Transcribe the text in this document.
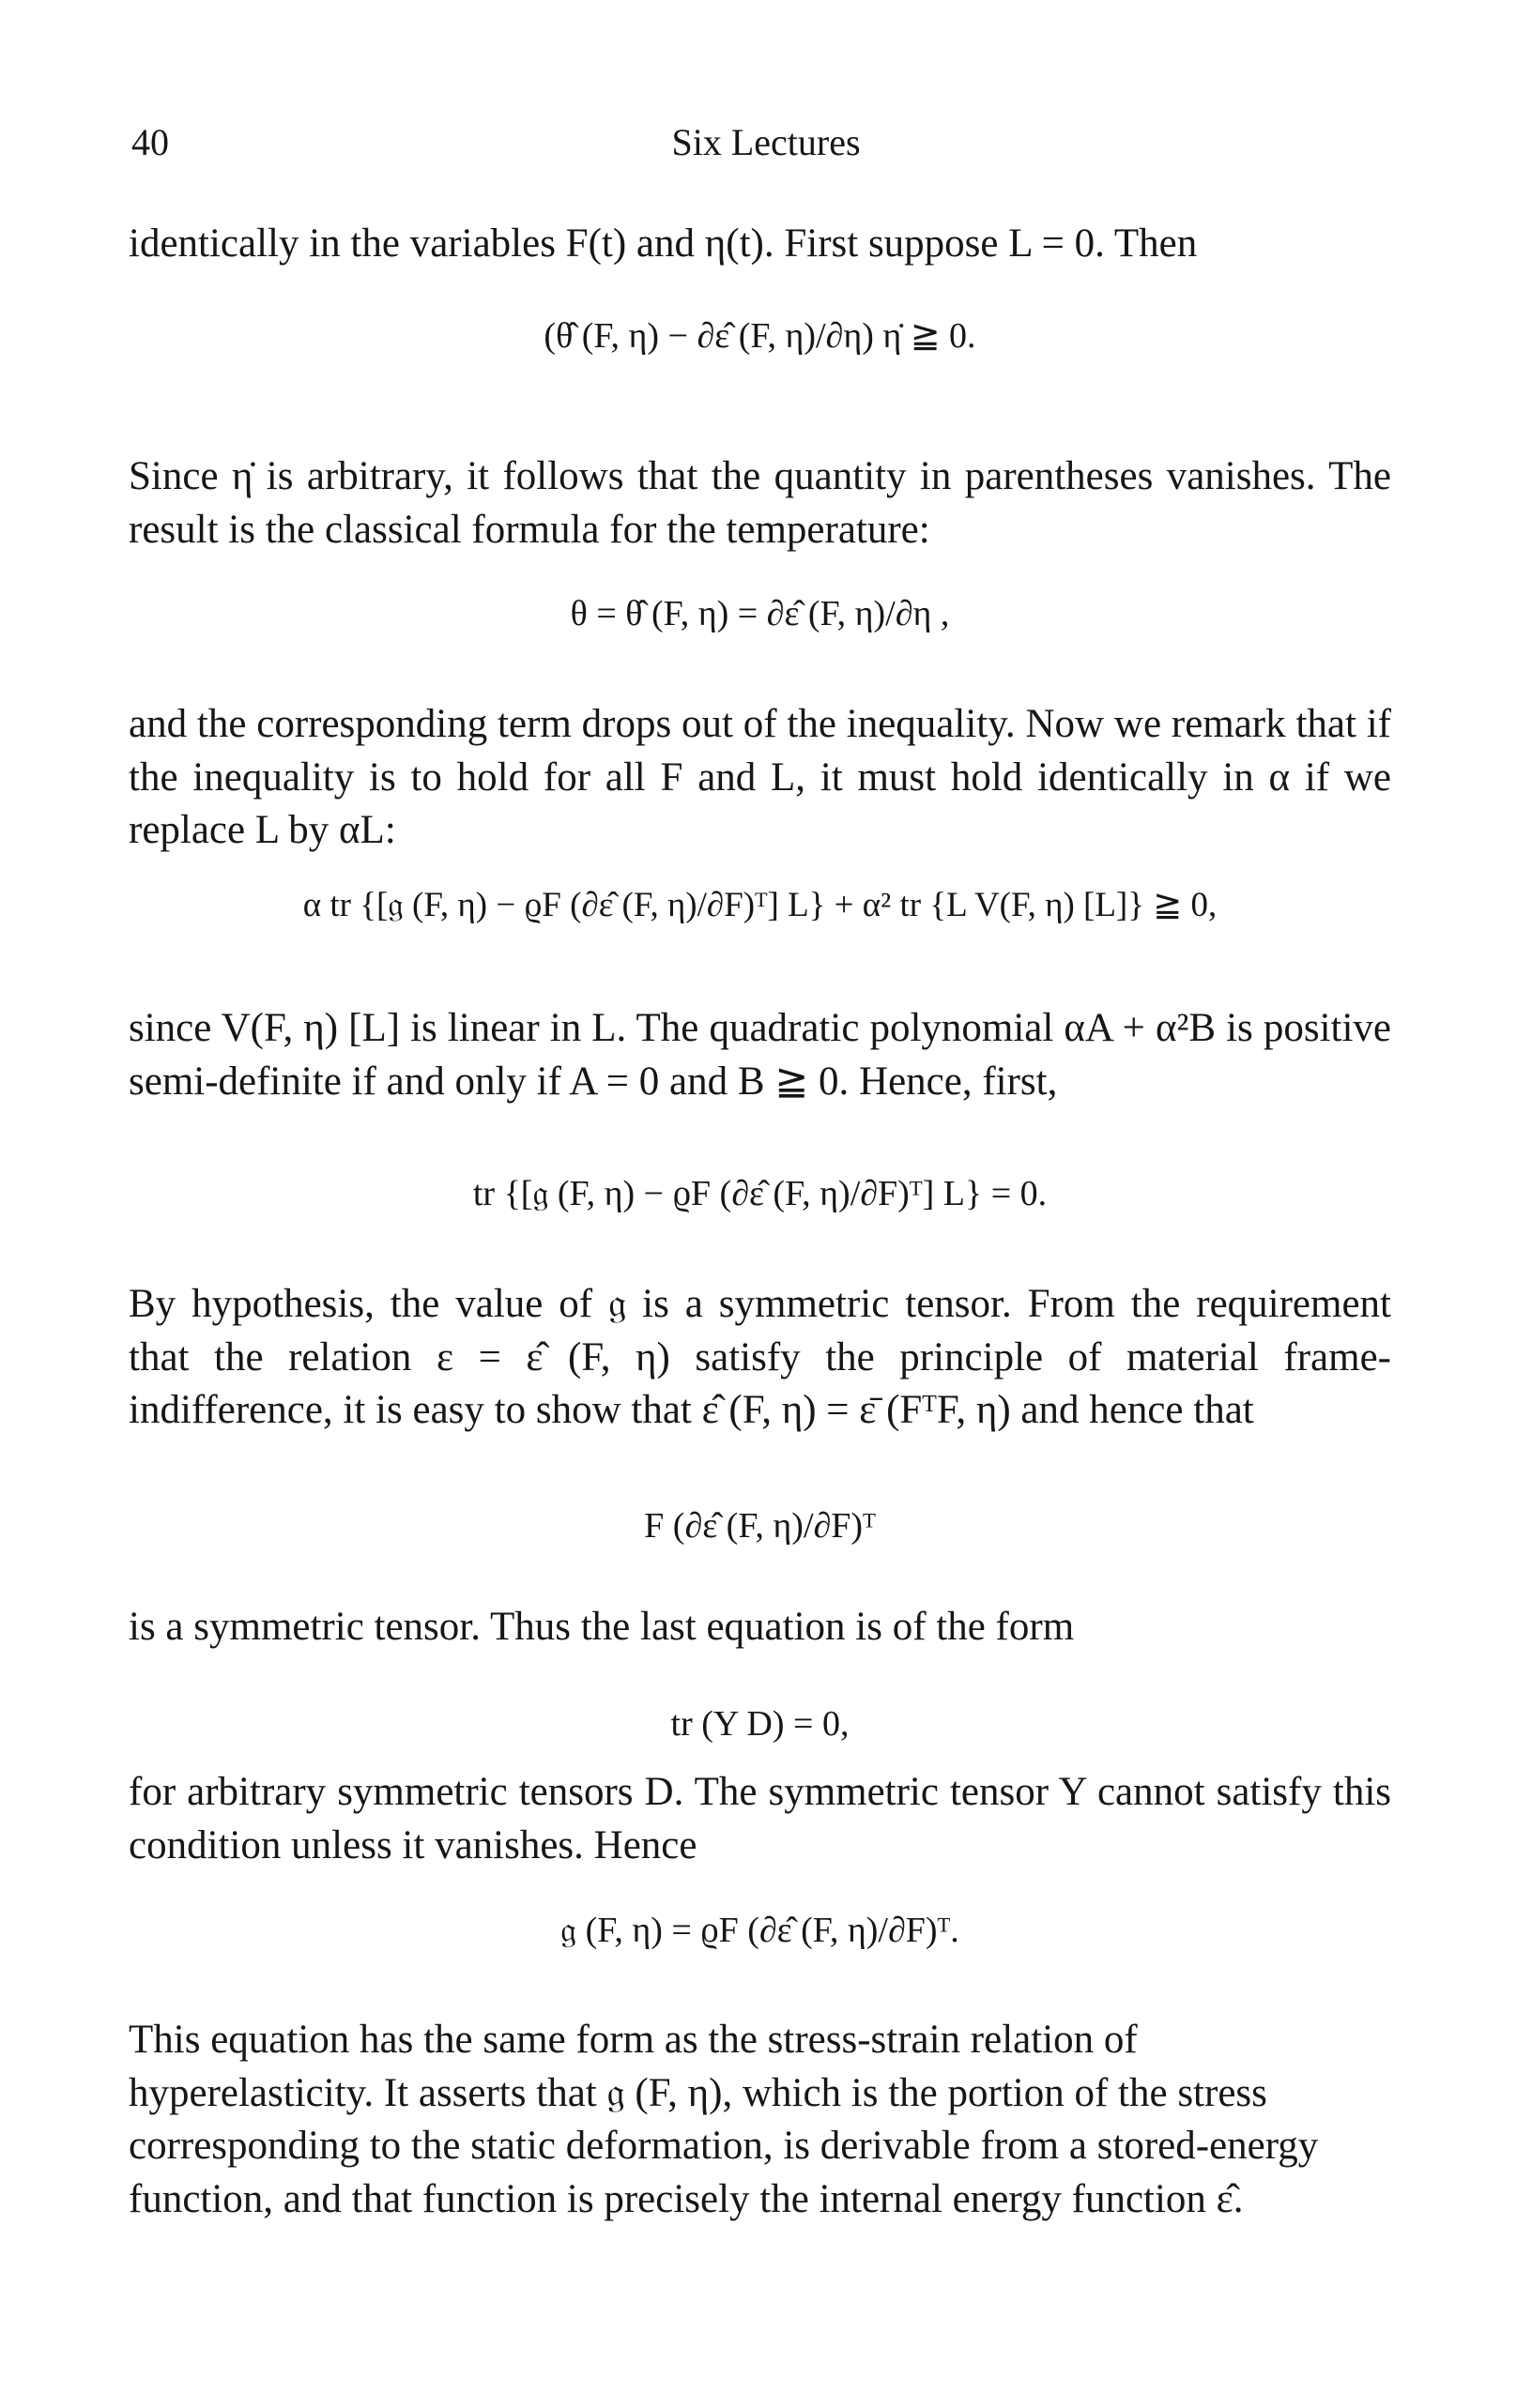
40	Six Lectures

identically in the variables F(t) and η(t). First suppose L = 0. Then

(θ̂ (F, η) − ∂ε̂ (F, η)/∂η) η̇ ≧ 0.

Since η̇ is arbitrary, it follows that the quantity in parentheses vanishes. The result is the classical formula for the temperature:

θ = θ̂ (F, η) = ∂ε̂ (F, η)/∂η ,

and the corresponding term drops out of the inequality. Now we remark that if the inequality is to hold for all F and L, it must hold identically in α if we replace L by αL:

α tr {[𝔤 (F, η) − ϱF (∂ε̂ (F, η)/∂F)ᵀ] L} + α² tr {L V(F, η) [L]} ≧ 0,

since V(F, η) [L] is linear in L. The quadratic polynomial αA + α²B is positive semi-definite if and only if A = 0 and B ≧ 0. Hence, first,

tr {[𝔤 (F, η) − ϱF (∂ε̂ (F, η)/∂F)ᵀ] L} = 0.

By hypothesis, the value of 𝔤 is a symmetric tensor. From the requirement that the relation ε = ε̂ (F, η) satisfy the principle of material frame-indifference, it is easy to show that ε̂ (F, η) = ε̄ (FᵀF, η) and hence that

F (∂ε̂ (F, η)/∂F)ᵀ

is a symmetric tensor. Thus the last equation is of the form

tr (Y D) = 0,

for arbitrary symmetric tensors D. The symmetric tensor Y cannot satisfy this condition unless it vanishes. Hence

𝔤 (F, η) = ϱF (∂ε̂ (F, η)/∂F)ᵀ.

This equation has the same form as the stress-strain relation of hyperelasticity. It asserts that 𝔤 (F, η), which is the portion of the stress corresponding to the static deformation, is derivable from a stored-energy function, and that function is precisely the internal energy function ε̂.
